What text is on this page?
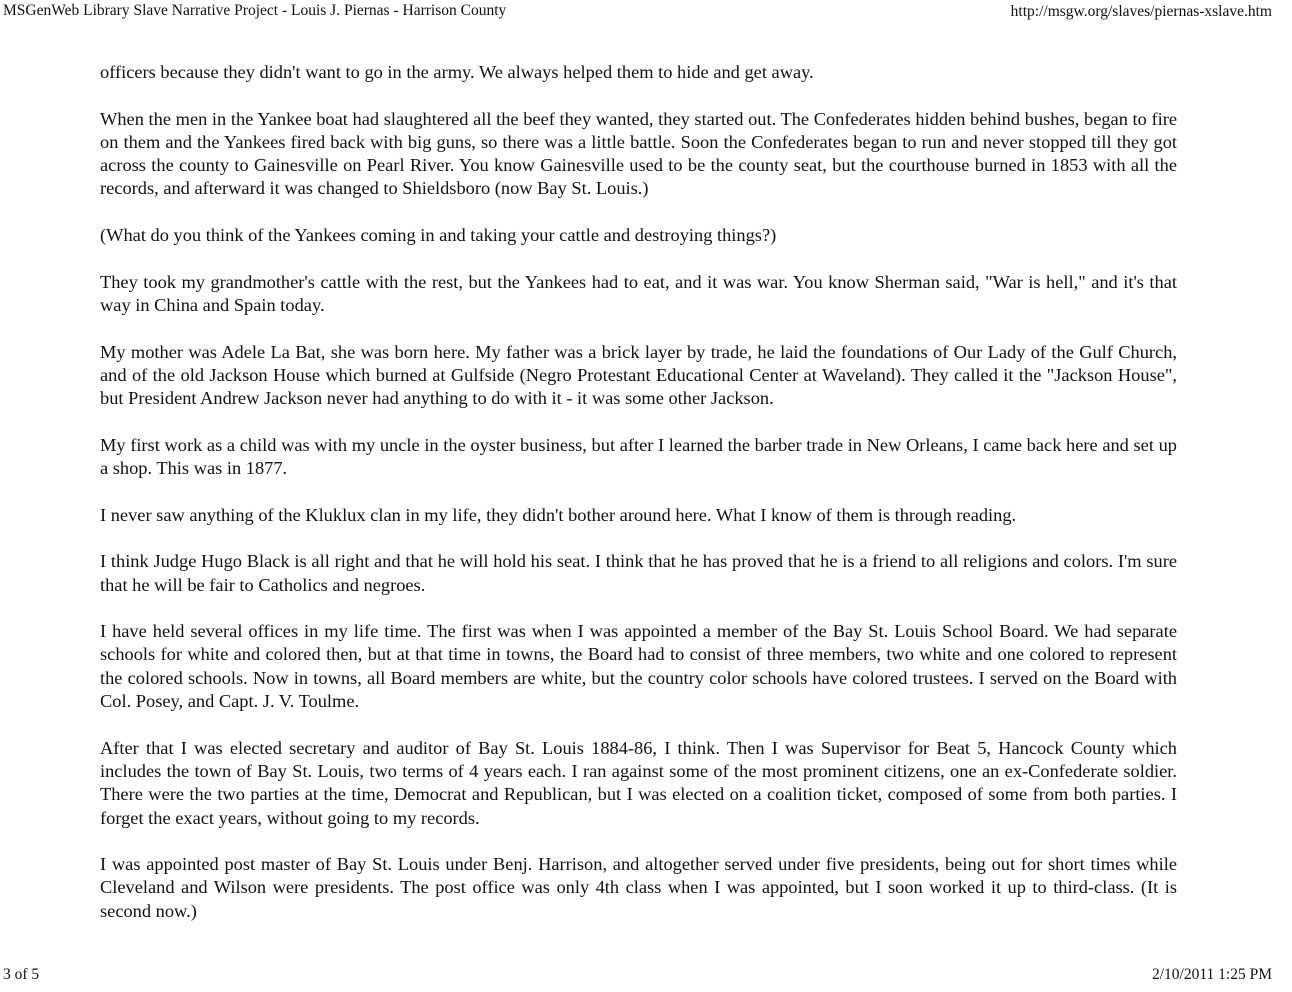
MSGenWeb Library Slave Narrative Project - Louis J. Piernas - Harrison County	http://msgw.org/slaves/piernas-xslave.htm

officers because they didn't want to go in the army. We always helped them to hide and get away.

When the men in the Yankee boat had slaughtered all the beef they wanted, they started out. The Confederates hidden behind bushes, began to fire on them and the Yankees fired back with big guns, so there was a little battle. Soon the Confederates began to run and never stopped till they got across the county to Gainesville on Pearl River. You know Gainesville used to be the county seat, but the courthouse burned in 1853 with all the records, and afterward it was changed to Shieldsboro (now Bay St. Louis.)

(What do you think of the Yankees coming in and taking your cattle and destroying things?)

They took my grandmother's cattle with the rest, but the Yankees had to eat, and it was war. You know Sherman said, "War is hell," and it's that way in China and Spain today.

My mother was Adele La Bat, she was born here. My father was a brick layer by trade, he laid the foundations of Our Lady of the Gulf Church, and of the old Jackson House which burned at Gulfside (Negro Protestant Educational Center at Waveland). They called it the "Jackson House", but President Andrew Jackson never had anything to do with it - it was some other Jackson.

My first work as a child was with my uncle in the oyster business, but after I learned the barber trade in New Orleans, I came back here and set up a shop. This was in 1877.

I never saw anything of the Kluklux clan in my life, they didn't bother around here. What I know of them is through reading.

I think Judge Hugo Black is all right and that he will hold his seat. I think that he has proved that he is a friend to all religions and colors. I'm sure that he will be fair to Catholics and negroes.

I have held several offices in my life time. The first was when I was appointed a member of the Bay St. Louis School Board. We had separate schools for white and colored then, but at that time in towns, the Board had to consist of three members, two white and one colored to represent the colored schools. Now in towns, all Board members are white, but the country color schools have colored trustees. I served on the Board with Col. Posey, and Capt. J. V. Toulme.

After that I was elected secretary and auditor of Bay St. Louis 1884-86, I think. Then I was Supervisor for Beat 5, Hancock County which includes the town of Bay St. Louis, two terms of 4 years each. I ran against some of the most prominent citizens, one an ex-Confederate soldier. There were the two parties at the time, Democrat and Republican, but I was elected on a coalition ticket, composed of some from both parties. I forget the exact years, without going to my records.

I was appointed post master of Bay St. Louis under Benj. Harrison, and altogether served under five presidents, being out for short times while Cleveland and Wilson were presidents. The post office was only 4th class when I was appointed, but I soon worked it up to third-class. (It is second now.)

3 of 5	2/10/2011 1:25 PM
